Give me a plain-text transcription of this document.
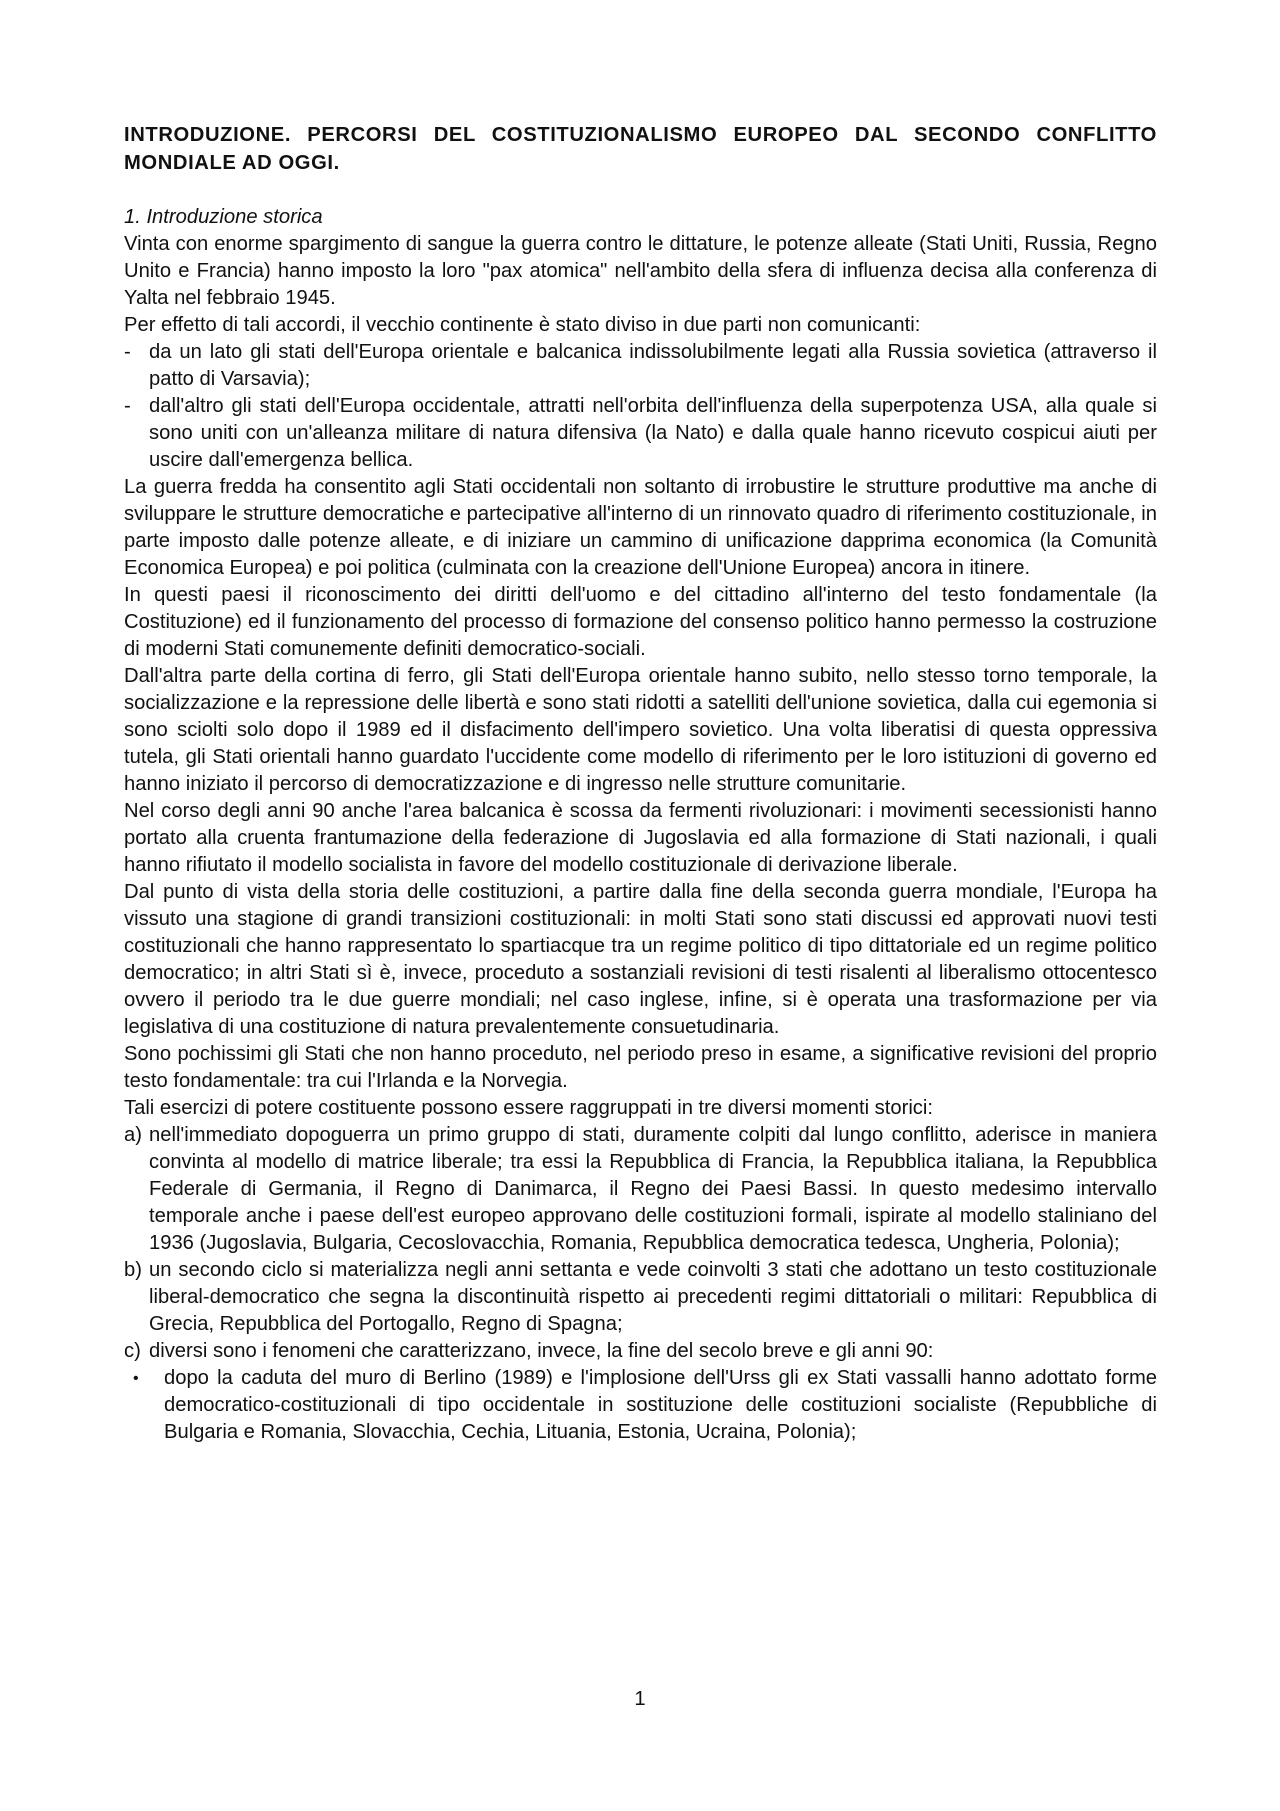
INTRODUZIONE. PERCORSI DEL COSTITUZIONALISMO EUROPEO DAL SECONDO CONFLITTO MONDIALE AD OGGI.
1. Introduzione storica

Vinta con enorme spargimento di sangue la guerra contro le dittature, le potenze alleate (Stati Uniti, Russia, Regno Unito e Francia) hanno imposto la loro "pax atomica" nell'ambito della sfera di influenza decisa alla conferenza di Yalta nel febbraio 1945.

Per effetto di tali accordi, il vecchio continente è stato diviso in due parti non comunicanti:

- da un lato gli stati dell'Europa orientale e balcanica indissolubilmente legati alla Russia sovietica (attraverso il patto di Varsavia);
- dall'altro gli stati dell'Europa occidentale, attratti nell'orbita dell'influenza della superpotenza USA, alla quale si sono uniti con un'alleanza militare di natura difensiva (la Nato) e dalla quale hanno ricevuto cospicui aiuti per uscire dall'emergenza bellica.

La guerra fredda ha consentito agli Stati occidentali non soltanto di irrobustire le strutture produttive ma anche di sviluppare le strutture democratiche e partecipative all'interno di un rinnovato quadro di riferimento costituzionale, in parte imposto dalle potenze alleate, e di iniziare un cammino di unificazione dapprima economica (la Comunità Economica Europea) e poi politica (culminata con la creazione dell'Unione Europea) ancora in itinere.

In questi paesi il riconoscimento dei diritti dell'uomo e del cittadino all'interno del testo fondamentale (la Costituzione) ed il funzionamento del processo di formazione del consenso politico hanno permesso la costruzione di moderni Stati comunemente definiti democratico-sociali.

Dall'altra parte della cortina di ferro, gli Stati dell'Europa orientale hanno subito, nello stesso torno temporale, la socializzazione e la repressione delle libertà e sono stati ridotti a satelliti dell'unione sovietica, dalla cui egemonia si sono sciolti solo dopo il 1989 ed il disfacimento dell'impero sovietico. Una volta liberatisi di questa oppressiva tutela, gli Stati orientali hanno guardato l'uccidente come modello di riferimento per le loro istituzioni di governo ed hanno iniziato il percorso di democratizzazione e di ingresso nelle strutture comunitarie.

Nel corso degli anni 90 anche l'area balcanica è scossa da fermenti rivoluzionari: i movimenti secessionisti hanno portato alla cruenta frantumazione della federazione di Jugoslavia ed alla formazione di Stati nazionali, i quali hanno rifiutato il modello socialista in favore del modello costituzionale di derivazione liberale.

Dal punto di vista della storia delle costituzioni, a partire dalla fine della seconda guerra mondiale, l'Europa ha vissuto una stagione di grandi transizioni costituzionali: in molti Stati sono stati discussi ed approvati nuovi testi costituzionali che hanno rappresentato lo spartiacque tra un regime politico di tipo dittatoriale ed un regime politico democratico; in altri Stati sì è, invece, proceduto a sostanziali revisioni di testi risalenti al liberalismo ottocentesco ovvero il periodo tra le due guerre mondiali; nel caso inglese, infine, si è operata una trasformazione per via legislativa di una costituzione di natura prevalentemente consuetudinaria.

Sono pochissimi gli Stati che non hanno proceduto, nel periodo preso in esame, a significative revisioni del proprio testo fondamentale: tra cui l'Irlanda e la Norvegia.

Tali esercizi di potere costituente possono essere raggruppati in tre diversi momenti storici:

a) nell'immediato dopoguerra un primo gruppo di stati, duramente colpiti dal lungo conflitto, aderisce in maniera convinta al modello di matrice liberale; tra essi la Repubblica di Francia, la Repubblica italiana, la Repubblica Federale di Germania, il Regno di Danimarca, il Regno dei Paesi Bassi. In questo medesimo intervallo temporale anche i paese dell'est europeo approvano delle costituzioni formali, ispirate al modello staliniano del 1936 (Jugoslavia, Bulgaria, Cecoslovacchia, Romania, Repubblica democratica tedesca, Ungheria, Polonia);
b) un secondo ciclo si materializza negli anni settanta e vede coinvolti 3 stati che adottano un testo costituzionale liberal-democratico che segna la discontinuità rispetto ai precedenti regimi dittatoriali o militari: Repubblica di Grecia, Repubblica del Portogallo, Regno di Spagna;
c) diversi sono i fenomeni che caratterizzano, invece, la fine del secolo breve e gli anni 90:
• dopo la caduta del muro di Berlino (1989) e l'implosione dell'Urss gli ex Stati vassalli hanno adottato forme democratico-costituzionali di tipo occidentale in sostituzione delle costituzioni socialiste (Repubbliche di Bulgaria e Romania, Slovacchia, Cechia, Lituania, Estonia, Ucraina, Polonia);
1
